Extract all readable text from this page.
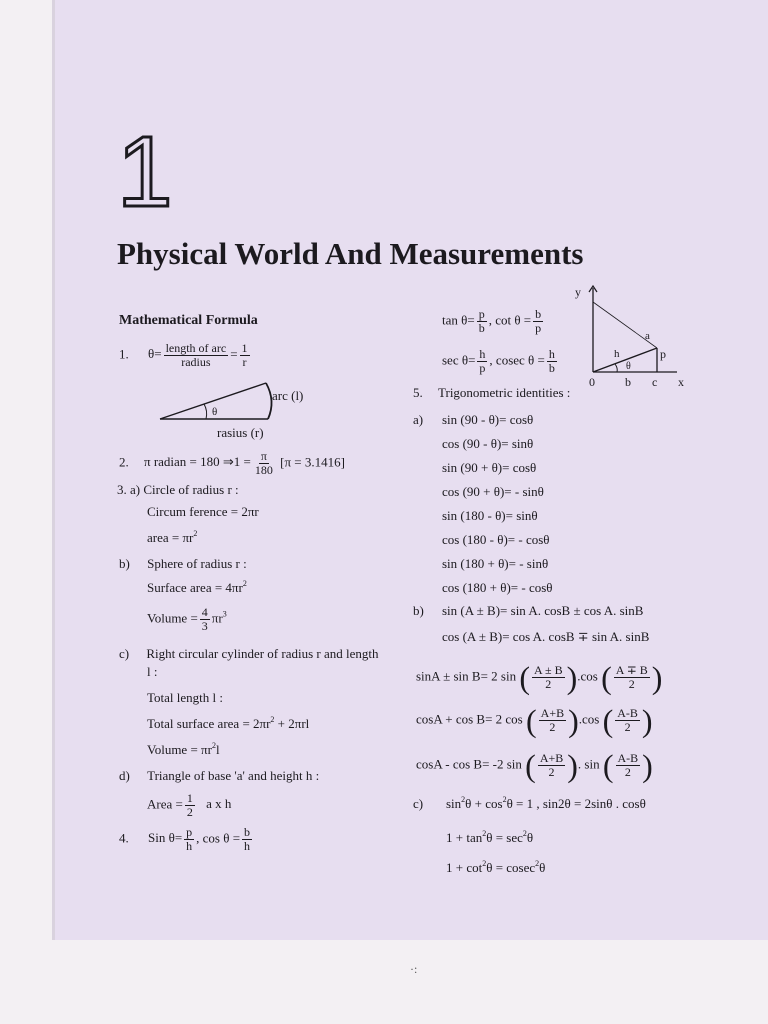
1
Physical World And Measurements
Mathematical Formula
1. $\theta= \frac{\text{length of arc}}{\text{radius}} = \frac{1}{r}$
θ
arc (l)
rasius (r)
2. π radian = 180 ⇒1 = $\frac{\pi}{180} [\pi = 3.1416]$
3. a) Circle of radius r :
Circum ference = 2πr
area = $\pi r^2$
b) Sphere of radius r :
Surface area = $4\pi r^2$
Volume = $\frac{4}{3} \pi r^3$
c) Right circular cylinder of radius r and length
l :
Total length l :
Total surface area = $2\pi r^2 + 2\pi rl$
Volume = $\pi r^2l$
d) Triangle of base 'a' and height h :
Area = $\frac{1}{2}$ a x h
4. Sin $\theta= \frac{p}{h}$ , $\cos \theta = \frac{b}{h}$
$\tan \theta= \frac{p}{b}$ , $\cot \theta = \frac{b}{p}$
$\sec \theta= \frac{h}{p}$ , cosec $\theta = \frac{h}{b}$
y
x
0	b c
a
h	p
θ
5. Trigonometric identities :
a) sin (90 - θ)= cosθ
cos (90 - θ)= sinθ
sin (90 + θ)= cosθ
cos (90 + θ)= - sinθ
sin (180 - θ)= sinθ
cos (180 - θ)= - cosθ
sin (180 + θ)= - sinθ
cos (180 + θ)= - cosθ
b) sin (A ± B)= sin A. cosB ± cos A. sinB
cos (A ± B)= cos A. cosB ∓ sin A. sinB
sinA ± sin B= 2 sin ( $\frac{A \pm B}{2} ).\cos$ ( $\frac{A \mp B}{2}$ )
cosA + cos B= 2 cos ( $\frac{A+B}{2} ).\cos$ ( $\frac{A-B}{2}$ )
cosA - cos B= -2 sin ( $\frac{A+B}{2}$ ). sin ( $\frac{A-B}{2}$ )
c) $\sin^2\theta + \cos^2\theta = 1$ , sin2θ = 2sinθ . cosθ
$1 + \tan^2\theta = \sec^2\theta$
$1 + \cot^2\theta = cosec^2\theta$
·:
